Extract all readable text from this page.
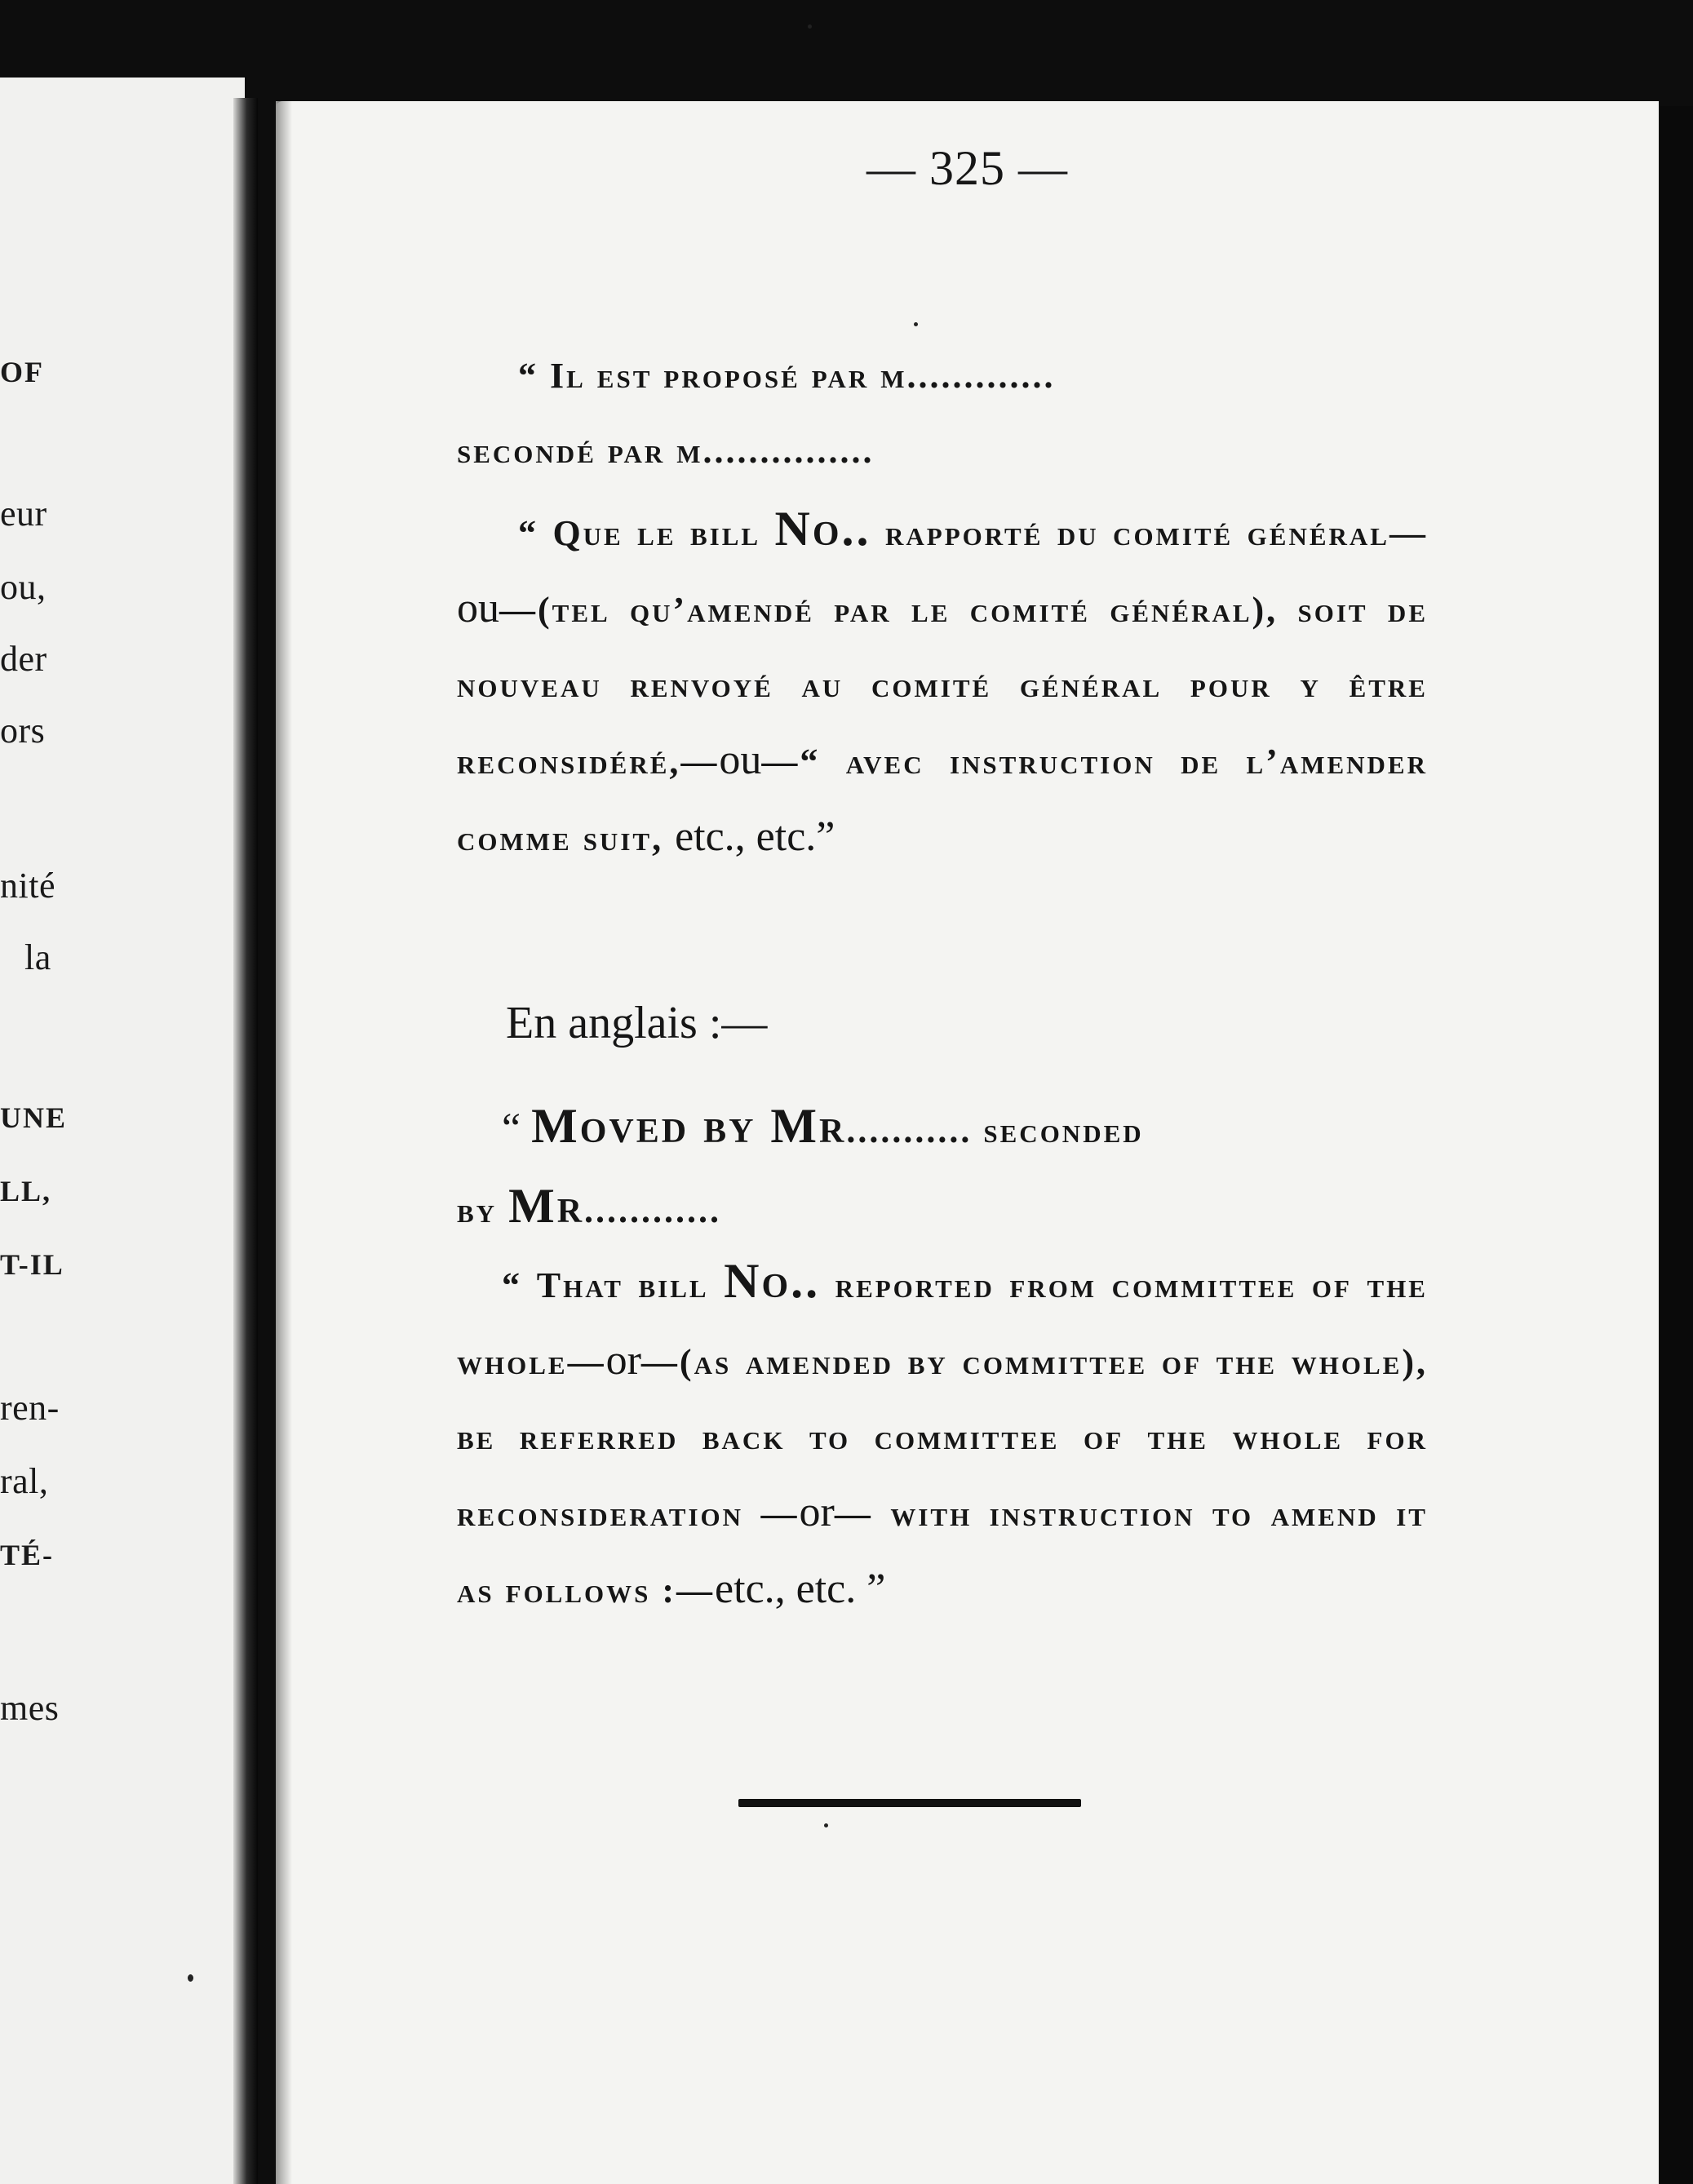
OF
eur
ou,
der
ors
nité
la
UNE
LL,
T-IL
ren-
ral,
TÉ-
mes
— 325 —
“ Il est proposé par m.............
secondé par m...............
“ Que le bill No.. rapporté du comité général—ou—(tel qu’amendé par le comité général), soit de nouveau renvoyé au comité général pour y être reconsidéré,—ou—“ avec instruction de l’amender comme suit, etc., etc.”
En anglais :—
“ Moved by Mr........... seconded
by Mr............
“ That bill No.. reported from committee of the whole—or—(as amended by committee of the whole), be referred back to committee of the whole for reconsideration —or— with instruction to amend it as follows :—etc., etc. ”
